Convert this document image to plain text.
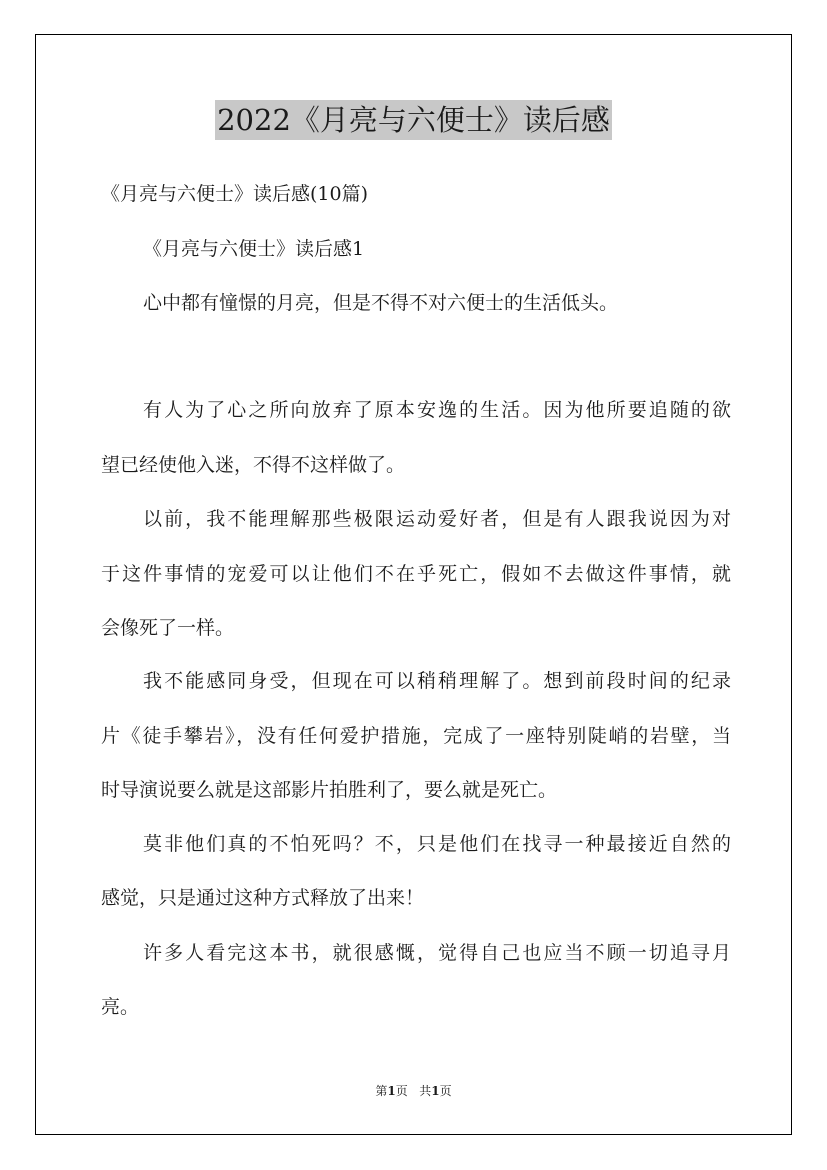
2022《月亮与六便士》读后感
《月亮与六便士》读后感(10篇)
《月亮与六便士》读后感1
心中都有憧憬的月亮，但是不得不对六便士的生活低头。
有人为了心之所向放弃了原本安逸的生活。因为他所要追随的欲
望已经使他入迷，不得不这样做了。
以前，我不能理解那些极限运动爱好者，但是有人跟我说因为对
于这件事情的宠爱可以让他们不在乎死亡，假如不去做这件事情，就
会像死了一样。
我不能感同身受，但现在可以稍稍理解了。想到前段时间的纪录
片《徒手攀岩》，没有任何爱护措施，完成了一座特别陡峭的岩壁，当
时导演说要么就是这部影片拍胜利了，要么就是死亡。
莫非他们真的不怕死吗？不，只是他们在找寻一种最接近自然的
感觉，只是通过这种方式释放了出来！
许多人看完这本书，就很感慨，觉得自己也应当不顾一切追寻月
亮。
第1页 共1页
